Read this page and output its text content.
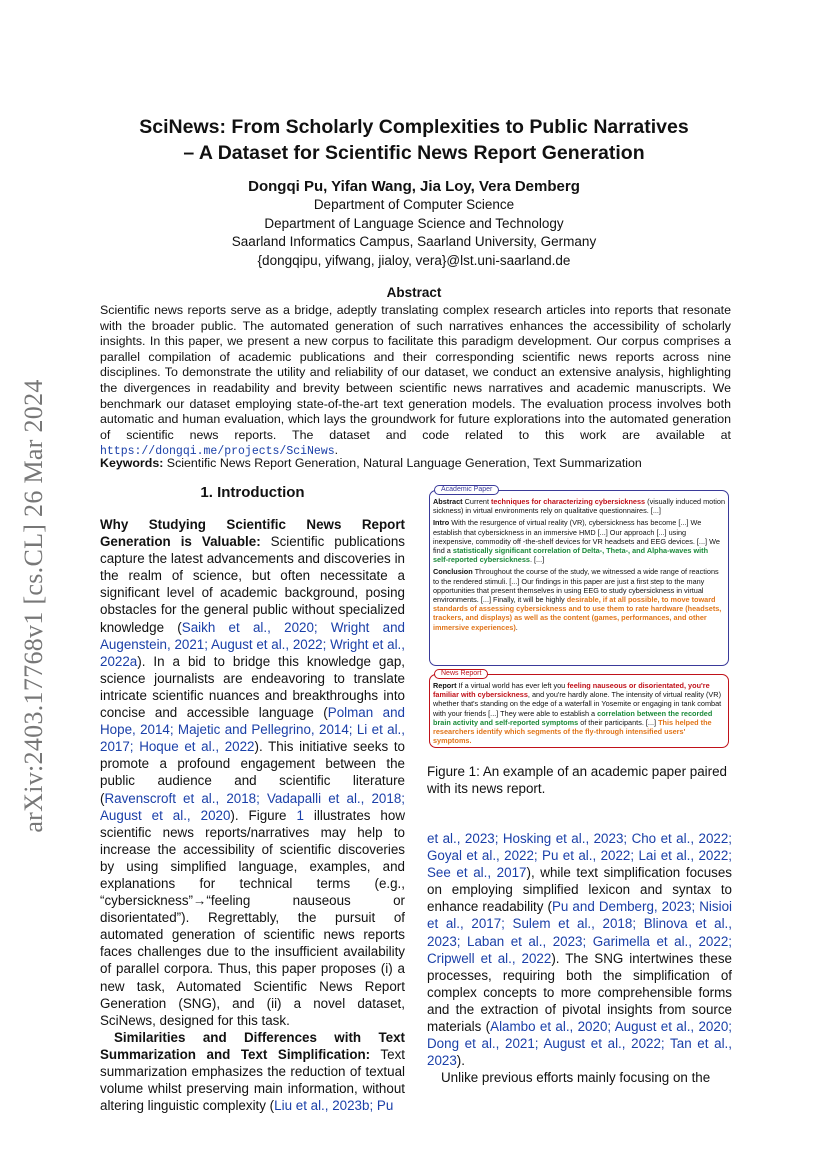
arXiv:2403.17768v1 [cs.CL] 26 Mar 2024
SciNews: From Scholarly Complexities to Public Narratives
– A Dataset for Scientific News Report Generation
Dongqi Pu, Yifan Wang, Jia Loy, Vera Demberg
Department of Computer Science
Department of Language Science and Technology
Saarland Informatics Campus, Saarland University, Germany
{dongqipu, yifwang, jialoy, vera}@lst.uni-saarland.de
Abstract
Scientific news reports serve as a bridge, adeptly translating complex research articles into reports that resonate with the broader public. The automated generation of such narratives enhances the accessibility of scholarly insights. In this paper, we present a new corpus to facilitate this paradigm development. Our corpus comprises a parallel compilation of academic publications and their corresponding scientific news reports across nine disciplines. To demonstrate the utility and reliability of our dataset, we conduct an extensive analysis, highlighting the divergences in readability and brevity between scientific news narratives and academic manuscripts. We benchmark our dataset employing state-of-the-art text generation models. The evaluation process involves both automatic and human evaluation, which lays the groundwork for future explorations into the automated generation of scientific news reports. The dataset and code related to this work are available at https://dongqi.me/projects/SciNews.
Keywords: Scientific News Report Generation, Natural Language Generation, Text Summarization
1. Introduction

Why Studying Scientific News Report Generation is Valuable: Scientific publications capture the latest advancements and discoveries in the realm of science, but often necessitate a significant level of academic background, posing obstacles for the general public without specialized knowledge (Saikh et al., 2020; Wright and Augenstein, 2021; August et al., 2022; Wright et al., 2022a). In a bid to bridge this knowledge gap, science journalists are endeavoring to translate intricate scientific nuances and breakthroughs into concise and accessible language (Polman and Hope, 2014; Majetic and Pellegrino, 2014; Li et al., 2017; Hoque et al., 2022). This initiative seeks to promote a profound engagement between the public audience and scientific literature (Ravenscroft et al., 2018; Vadapalli et al., 2018; August et al., 2020). Figure 1 illustrates how scientific news reports/narratives may help to increase the accessibility of scientific discoveries by using simplified language, examples, and explanations for technical terms (e.g., “cybersickness”→“feeling nauseous or disorientated”). Regrettably, the pursuit of automated generation of scientific news reports faces challenges due to the insufficient availability of parallel corpora. Thus, this paper proposes (i) a new task, Automated Scientific News Report Generation (SNG), and (ii) a novel dataset, SciNews, designed for this task.

Similarities and Differences with Text Summarization and Text Simplification: Text summarization emphasizes the reduction of textual volume whilst preserving main information, without altering linguistic complexity (Liu et al., 2023b; Pu

Academic Paper

Abstract Current techniques for characterizing cybersickness (visually induced motion sickness) in virtual environments rely on qualitative questionnaires. [...]

Intro With the resurgence of virtual reality (VR), cybersickness has become [...] We establish that cybersickness in an immersive HMD [...] Our approach [...] using inexpensive, commodity off -the-shelf devices for VR headsets and EEG devices. [...] We find a statistically significant correlation of Delta-, Theta-, and Alpha-waves with self-reported cybersickness. [...]

Conclusion Throughout the course of the study, we witnessed a wide range of reactions to the rendered stimuli. [...] Our findings in this paper are just a first step to the many opportunities that present themselves in using EEG to study cybersickness in virtual environments. [...] Finally, it will be highly desirable, if at all possible, to move toward standards of assessing cybersickness and to use them to rate hardware (headsets, trackers, and displays) as well as the content (games, performances, and other immersive experiences).

News Report

Report If a virtual world has ever left you feeling nauseous or disorientated, you're familiar with cybersickness, and you're hardly alone. The intensity of virtual reality (VR) whether that's standing on the edge of a waterfall in Yosemite or engaging in tank combat with your friends [...] They were able to establish a correlation between the recorded brain activity and self-reported symptoms of their participants. [...] This helped the researchers identify which segments of the fly-through intensified users' symptoms.

Figure 1: An example of an academic paper paired with its news report.

et al., 2023; Hosking et al., 2023; Cho et al., 2022; Goyal et al., 2022; Pu et al., 2022; Lai et al., 2022; See et al., 2017), while text simplification focuses on employing simplified lexicon and syntax to enhance readability (Pu and Demberg, 2023; Nisioi et al., 2017; Sulem et al., 2018; Blinova et al., 2023; Laban et al., 2023; Garimella et al., 2022; Cripwell et al., 2022). The SNG intertwines these processes, requiring both the simplification of complex concepts to more comprehensible forms and the extraction of pivotal insights from source materials (Alambo et al., 2020; August et al., 2020; Dong et al., 2021; August et al., 2022; Tan et al., 2023).

Unlike previous efforts mainly focusing on the
